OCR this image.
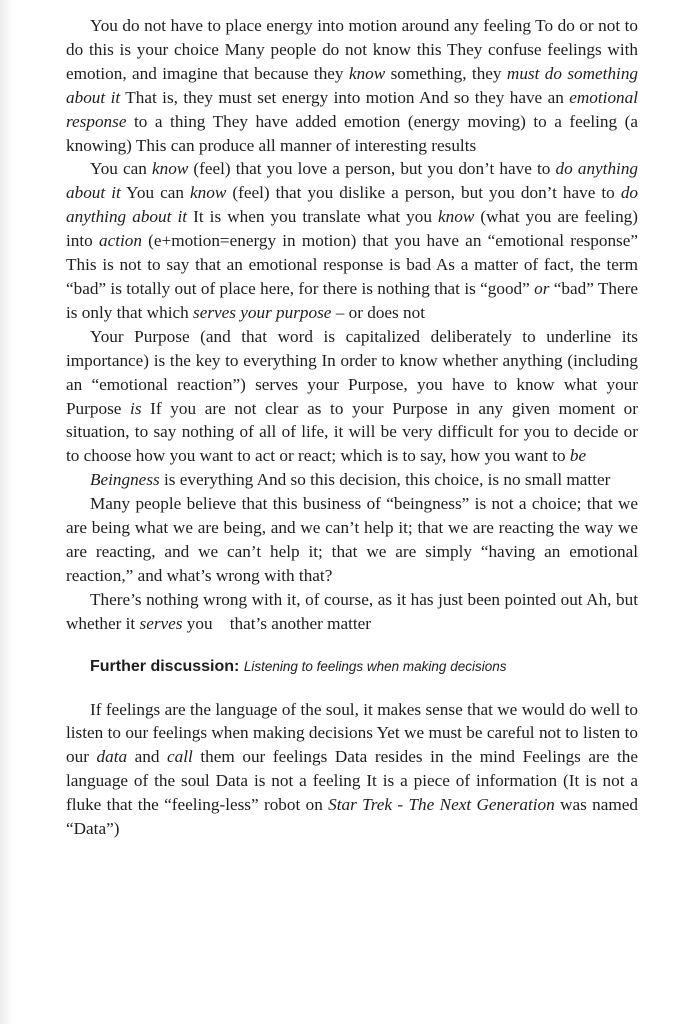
You do not have to place energy into motion around any feeling To do or not to do this is your choice Many people do not know this They confuse feelings with emotion, and imagine that because they know something, they must do something about it That is, they must set energy into motion And so they have an emotional response to a thing They have added emotion (energy moving) to a feeling (a knowing) This can produce all manner of interesting results

You can know (feel) that you love a person, but you don’t have to do anything about it You can know (feel) that you dislike a person, but you don’t have to do anything about it It is when you translate what you know (what you are feeling) into action (e+motion=energy in motion) that you have an “emotional response” This is not to say that an emotional response is bad As a matter of fact, the term “bad” is totally out of place here, for there is nothing that is “good” or “bad” There is only that which serves your purpose – or does not

Your Purpose (and that word is capitalized deliberately to underline its importance) is the key to everything In order to know whether anything (including an “emotional reaction”) serves your Purpose, you have to know what your Purpose is If you are not clear as to your Purpose in any given moment or situation, to say nothing of all of life, it will be very difficult for you to decide or to choose how you want to act or react; which is to say, how you want to be

Beingness is everything And so this decision, this choice, is no small matter

Many people believe that this business of “beingness” is not a choice; that we are being what we are being, and we can’t help it; that we are reacting the way we are reacting, and we can’t help it; that we are simply “having an emotional reaction,” and what’s wrong with that?

There’s nothing wrong with it, of course, as it has just been pointed out Ah, but whether it serves you    that’s another matter

Further discussion: Listening to feelings when making decisions

If feelings are the language of the soul, it makes sense that we would do well to listen to our feelings when making decisions Yet we must be careful not to listen to our data and call them our feelings Data resides in the mind Feelings are the language of the soul Data is not a feeling It is a piece of information (It is not a fluke that the “feeling-less” robot on Star Trek - The Next Generation was named “Data”)
